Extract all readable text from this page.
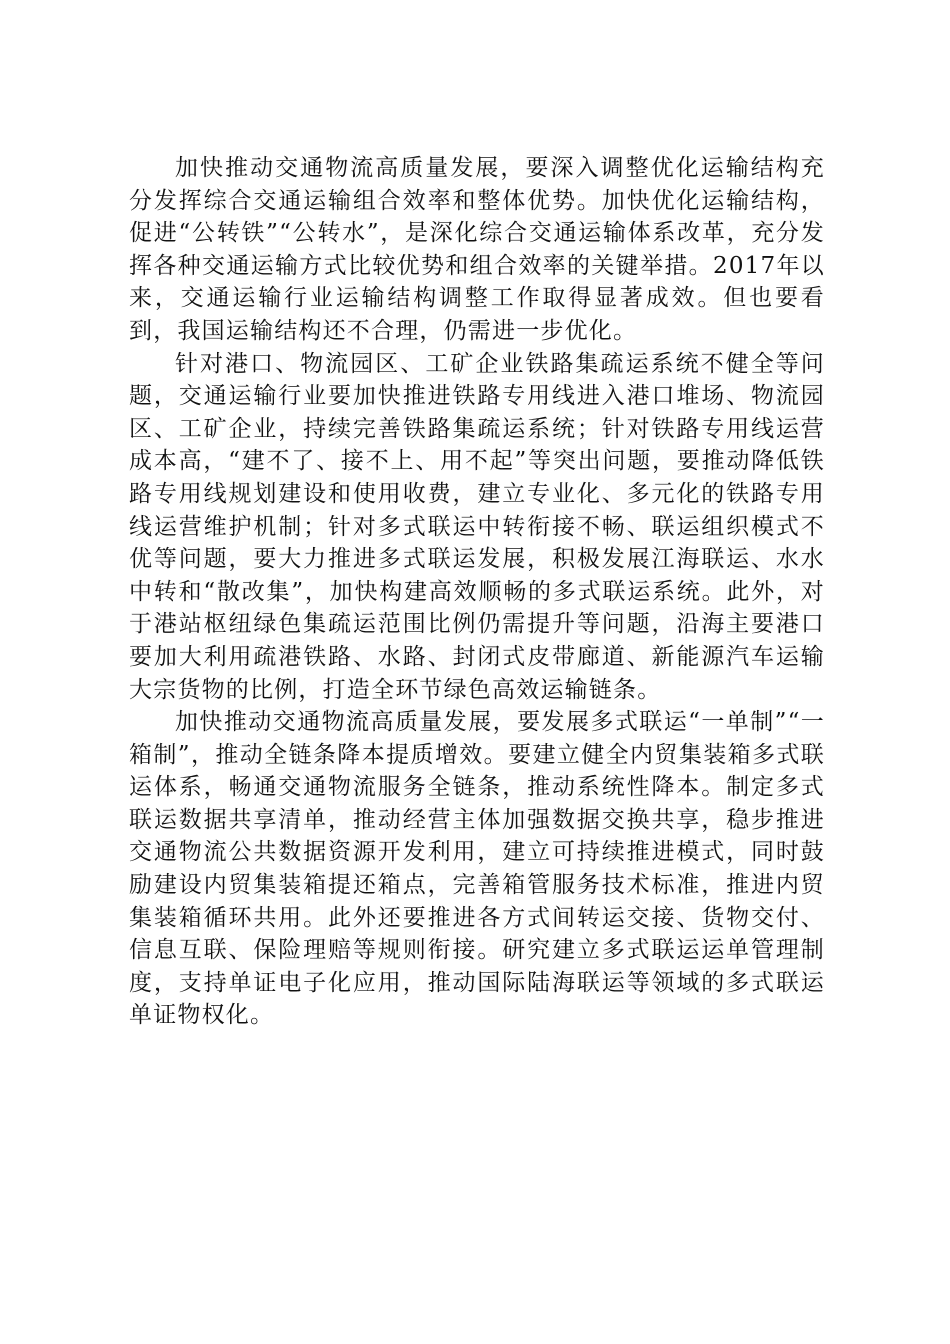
加快推动交通物流高质量发展，要深入调整优化运输结构充分发挥综合交通运输组合效率和整体优势。加快优化运输结构，促进“公转铁”“公转水”，是深化综合交通运输体系改革，充分发挥各种交通运输方式比较优势和组合效率的关键举措。2017年以来，交通运输行业运输结构调整工作取得显著成效。但也要看到，我国运输结构还不合理，仍需进一步优化。

针对港口、物流园区、工矿企业铁路集疏运系统不健全等问题，交通运输行业要加快推进铁路专用线进入港口堆场、物流园区、工矿企业，持续完善铁路集疏运系统；针对铁路专用线运营成本高，“建不了、接不上、用不起”等突出问题，要推动降低铁路专用线规划建设和使用收费，建立专业化、多元化的铁路专用线运营维护机制；针对多式联运中转衔接不畅、联运组织模式不优等问题，要大力推进多式联运发展，积极发展江海联运、水水中转和“散改集”，加快构建高效顺畅的多式联运系统。此外，对于港站枢纽绿色集疏运范围比例仍需提升等问题，沿海主要港口要加大利用疏港铁路、水路、封闭式皮带廊道、新能源汽车运输大宗货物的比例，打造全环节绿色高效运输链条。

加快推动交通物流高质量发展，要发展多式联运“一单制”“一箱制”，推动全链条降本提质增效。要建立健全内贸集装箱多式联运体系，畅通交通物流服务全链条，推动系统性降本。制定多式联运数据共享清单，推动经营主体加强数据交换共享，稳步推进交通物流公共数据资源开发利用，建立可持续推进模式，同时鼓励建设内贸集装箱提还箱点，完善箱管服务技术标准，推进内贸集装箱循环共用。此外还要推进各方式间转运交接、货物交付、信息互联、保险理赔等规则衔接。研究建立多式联运运单管理制度，支持单证电子化应用，推动国际陆海联运等领域的多式联运单证物权化。
